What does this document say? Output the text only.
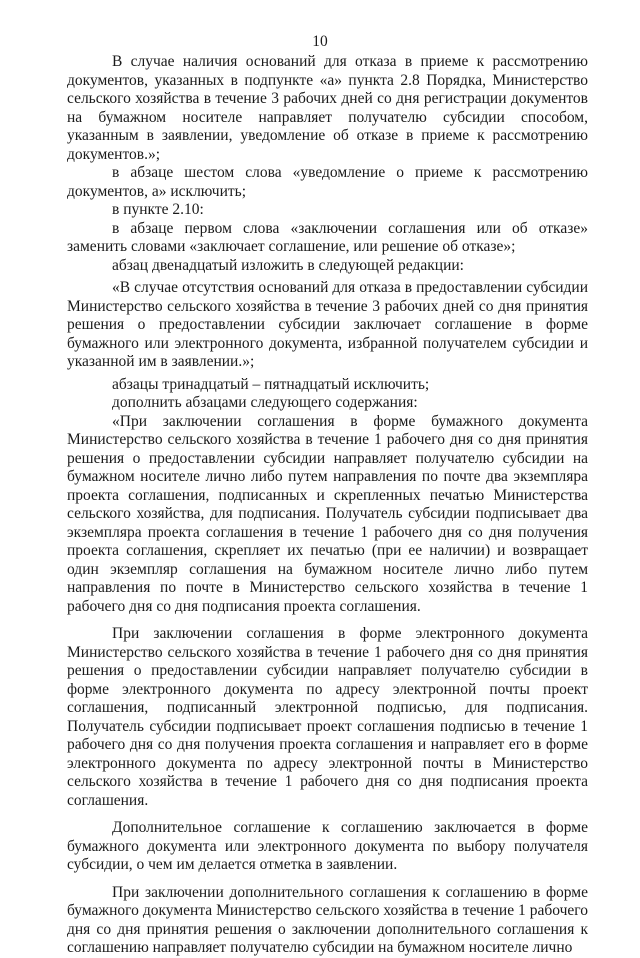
10

В случае наличия оснований для отказа в приеме к рассмотрению документов, указанных в подпункте «а» пункта 2.8 Порядка, Министерство сельского хозяйства в течение 3 рабочих дней со дня регистрации документов на бумажном носителе направляет получателю субсидии способом, указанным в заявлении, уведомление об отказе в приеме к рассмотрению документов.»;

в абзаце шестом слова «уведомление о приеме к рассмотрению документов, а» исключить;

в пункте 2.10:

в абзаце первом слова «заключении соглашения или об отказе» заменить словами «заключает соглашение, или решение об отказе»;

абзац двенадцатый изложить в следующей редакции:

«В случае отсутствия оснований для отказа в предоставлении субсидии Министерство сельского хозяйства в течение 3 рабочих дней со дня принятия решения о предоставлении субсидии заключает соглашение в форме бумажного или электронного документа, избранной получателем субсидии и указанной им в заявлении.»;

абзацы тринадцатый – пятнадцатый исключить;

дополнить абзацами следующего содержания:

«При заключении соглашения в форме бумажного документа Министерство сельского хозяйства в течение 1 рабочего дня со дня принятия решения о предоставлении субсидии направляет получателю субсидии на бумажном носителе лично либо путем направления по почте два экземпляра проекта соглашения, подписанных и скрепленных печатью Министерства сельского хозяйства, для подписания. Получатель субсидии подписывает два экземпляра проекта соглашения в течение 1 рабочего дня со дня получения проекта соглашения, скрепляет их печатью (при ее наличии) и возвращает один экземпляр соглашения на бумажном носителе лично либо путем направления по почте в Министерство сельского хозяйства в течение 1 рабочего дня со дня подписания проекта соглашения.

При заключении соглашения в форме электронного документа Министерство сельского хозяйства в течение 1 рабочего дня со дня принятия решения о предоставлении субсидии направляет получателю субсидии в форме электронного документа по адресу электронной почты проект соглашения, подписанный электронной подписью, для подписания. Получатель субсидии подписывает проект соглашения подписью в течение 1 рабочего дня со дня получения проекта соглашения и направляет его в форме электронного документа по адресу электронной почты в Министерство сельского хозяйства в течение 1 рабочего дня со дня подписания проекта соглашения.

Дополнительное соглашение к соглашению заключается в форме бумажного документа или электронного документа по выбору получателя субсидии, о чем им делается отметка в заявлении.

При заключении дополнительного соглашения к соглашению в форме бумажного документа Министерство сельского хозяйства в течение 1 рабочего дня со дня принятия решения о заключении дополнительного соглашения к соглашению направляет получателю субсидии на бумажном носителе лично
